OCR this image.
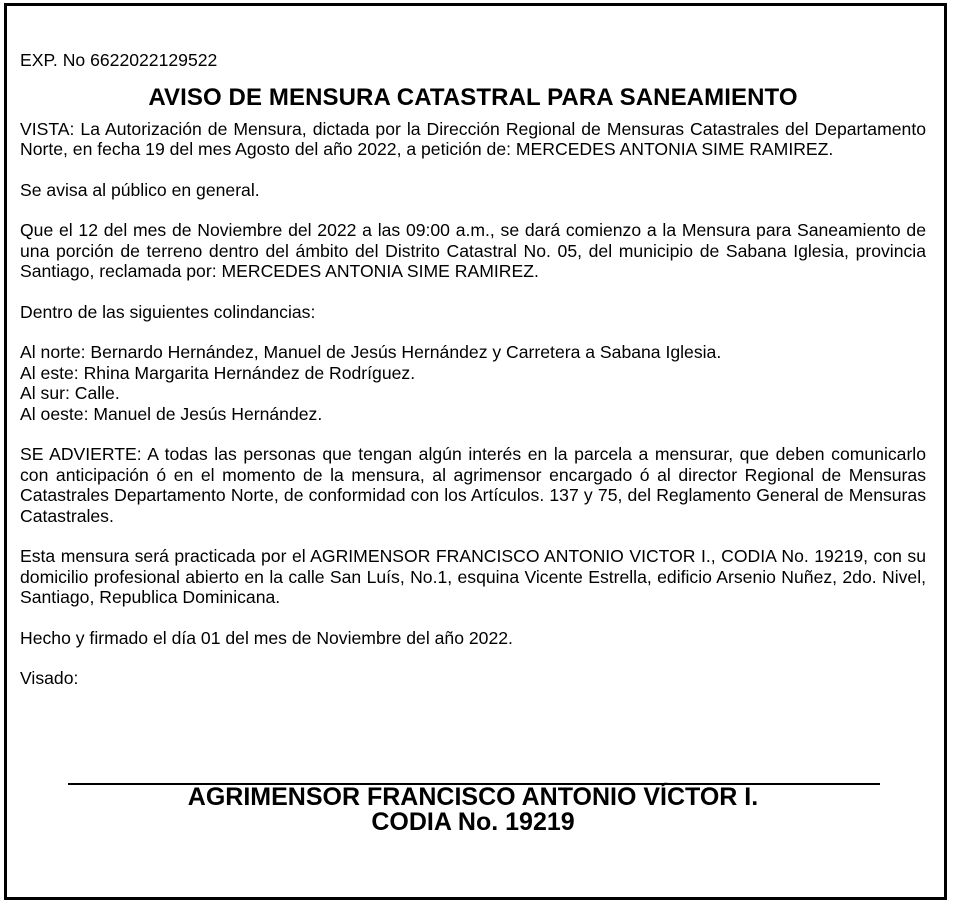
EXP. No 6622022129522

AVISO DE MENSURA CATASTRAL PARA SANEAMIENTO

VISTA: La Autorización de Mensura, dictada por la Dirección Regional de Mensuras Catastrales del Departamento Norte, en fecha 19 del mes Agosto del año 2022, a petición de: MERCEDES ANTONIA SIME RAMIREZ.

Se avisa al público en general.

Que el 12 del mes de Noviembre del 2022 a las 09:00 a.m., se dará comienzo a la Mensura para Saneamiento de una porción de terreno dentro del ámbito del Distrito Catastral No. 05, del municipio de Sabana Iglesia, provincia Santiago, reclamada por: MERCEDES ANTONIA SIME RAMIREZ.

Dentro de las siguientes colindancias:

Al norte: Bernardo Hernández, Manuel de Jesús Hernández y Carretera a Sabana Iglesia.

Al este: Rhina Margarita Hernández de Rodríguez.

Al sur: Calle.

Al oeste: Manuel de Jesús Hernández.

SE ADVIERTE: A todas las personas que tengan algún interés en la parcela a mensurar, que deben comunicarlo con anticipación ó en el momento de la mensura, al agrimensor encargado ó al director Regional de Mensuras Catastrales Departamento Norte, de conformidad con los Artículos. 137 y 75, del Reglamento General de Mensuras Catastrales.

Esta mensura será practicada por el AGRIMENSOR FRANCISCO ANTONIO VICTOR I., CODIA No. 19219, con su domicilio profesional abierto en la calle San Luís, No.1, esquina Vicente Estrella, edificio Arsenio Nuñez, 2do. Nivel, Santiago, Republica Dominicana.

Hecho y firmado el día 01 del mes de Noviembre del año 2022.

Visado:

AGRIMENSOR FRANCISCO ANTONIO VÍCTOR I.
CODIA No. 19219
